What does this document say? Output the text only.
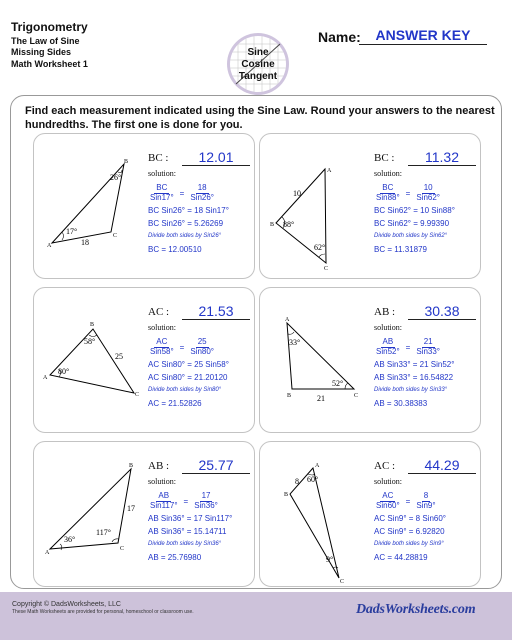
Trigonometry
The Law of Sine
Missing Sides
Math Worksheet 1
Sine
Cosine
Tangent
Name:	ANSWER KEY
Find each measurement indicated using the Sine Law. Round your answers to the nearest hundredths. The first one is done for you.
A
B
C
17°
26°
18
BC :	12.01
solution:
$\frac{BC}{\text{Sin17°}} = \frac{18}{\text{Sin26°}}$
BC Sin26° = 18 Sin17°
BC Sin26° = 5.26269
Divide both sides by Sin26°
BC = 12.00510
A
B
C
88°
62°
10
BC :	11.32
solution:
$\frac{BC}{\text{Sin88°}} = \frac{10}{\text{Sin62°}}$
BC Sin62° = 10 Sin88°
BC Sin62° = 9.99390
Divide both sides by Sin62°
BC = 11.31879
A
B
C
80°
58°
25
AC :	21.53
solution:
$\frac{AC}{\text{Sin58°}} = \frac{25}{\text{Sin80°}}$
AC Sin80° = 25 Sin58°
AC Sin80° = 21.20120
Divide both sides by Sin80°
AC = 21.52826
A
B	C
33°
52°
21
AB :	30.38
solution:
$\frac{AB}{\text{Sin52°}} = \frac{21}{\text{Sin33°}}$
AB Sin33° = 21 Sin52°
AB Sin33° = 16.54822
Divide both sides by Sin33°
AB = 30.38383
A
B
C
36°
117°
17
AB :	25.77
solution:
$\frac{AB}{\text{Sin117°}} = \frac{17}{\text{Sin36°}}$
AB Sin36° = 17 Sin117°
AB Sin36° = 15.14711
Divide both sides by Sin36°
AB = 25.76980
A
B
C
60°
9°
8
AC :	44.29
solution:
$\frac{AC}{\text{Sin60°}} = \frac{8}{\text{Sin9°}}$
AC Sin9° = 8 Sin60°
AC Sin9° = 6.92820
Divide both sides by Sin9°
AC = 44.28819
Copyright © DadsWorksheets, LLC
These Math Worksheets are provided for personal, homeschool or classroom use.	DadsWorksheets.com
